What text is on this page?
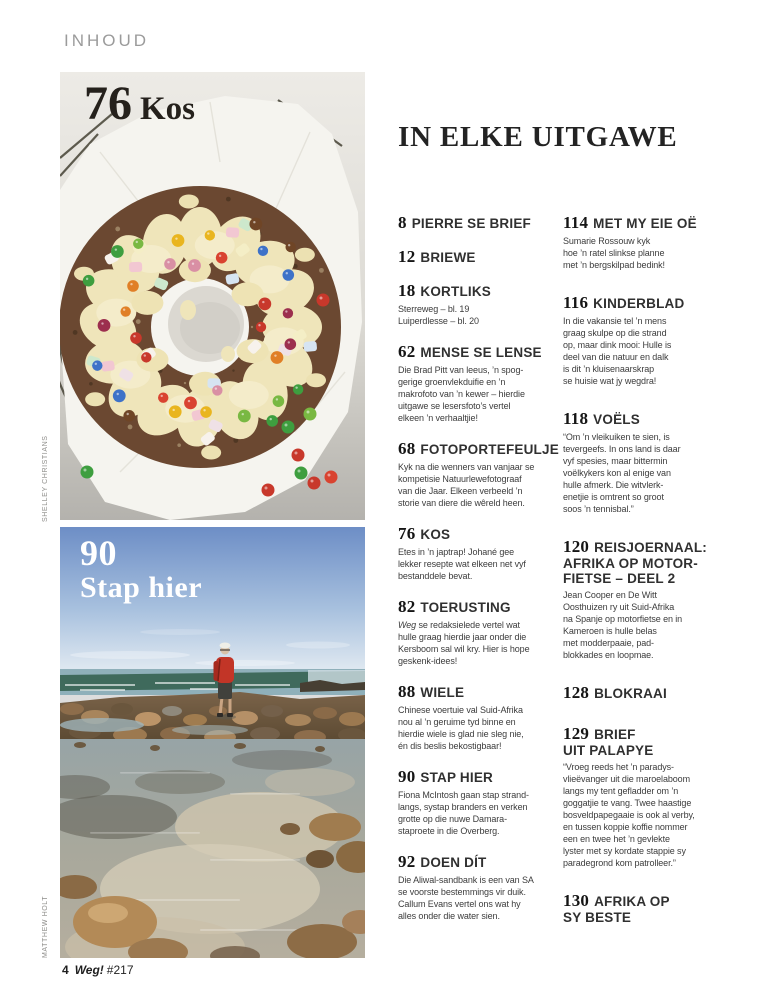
INHOUD
76 Kos
SHELLEY CHRISTIANS
90
Stap hier
MATTHEW HOLT
IN ELKE UITGAWE
8 PIERRE SE BRIEF
12 BRIEWE
18 KORTLIKS
Sterreweg – bl. 19
Luiperdlesse – bl. 20
62 MENSE SE LENSE
Die Brad Pitt van leeus, ’n spog-
gerige groenvlekduifie en ’n
makrofoto van ’n kewer – hierdie
uitgawe se lesersfoto’s vertel
elkeen ’n verhaaltjie!
68 FOTOPORTEFEULJE
Kyk na die wenners van vanjaar se
kompetisie Natuurlewefotograaf
van die Jaar. Elkeen verbeeld ’n
storie van diere die wêreld heen.
76 KOS
Etes in ’n japtrap! Johané gee
lekker resepte wat elkeen net vyf
bestanddele bevat.
82 TOERUSTING
Weg se redaksielede vertel wat
hulle graag hierdie jaar onder die
Kersboom sal wil kry. Hier is hope
geskenk-idees!
88 WIELE
Chinese voertuie val Suid-Afrika
nou al ’n geruime tyd binne en
hierdie wiele is glad nie sleg nie,
én dis beslis bekostigbaar!
90 STAP HIER
Fiona McIntosh gaan stap strand-
langs, systap branders en verken
grotte op die nuwe Damara-
staproete in die Overberg.
92 DOEN DÍT
Die Aliwal-sandbank is een van SA
se voorste bestemmings vir duik.
Callum Evans vertel ons wat hy
alles onder die water sien.
114 MET MY EIE OË
Sumarie Rossouw kyk
hoe ’n ratel slinkse planne
met ’n bergskilpad bedink!
116 KINDERBLAD
In die vakansie tel ’n mens
graag skulpe op die strand
op, maar dink mooi: Hulle is
deel van die natuur en dalk
is dit ’n kluisenaarskrap
se huisie wat jy wegdra!
118 VOËLS
“Om ’n vleikuiken te sien, is
tevergeefs. In ons land is daar
vyf spesies, maar bittermin
voëlkykers kon al enige van
hulle afmerk. Die witvlerk-
enetjie is omtrent so groot
soos ’n tennisbal.”
120 REISJOERNAAL:
AFRIKA OP MOTOR-
FIETSE – DEEL 2
Jean Cooper en De Witt
Oosthuizen ry uit Suid-Afrika
na Spanje op motorfietse en in
Kameroen is hulle belas
met modderpaaie, pad-
blokkades en loopmae.
128 BLOKRAAI
129 BRIEF
UIT PALAPYE
“Vroeg reeds het ’n paradys-
vlieëvanger uit die maroelaboom
langs my tent gefladder om ’n
goggatjie te vang. Twee haastige
bosveldpapegaaie is ook al verby,
en tussen koppie koffie nommer
een en twee het ’n gevlekte
lyster met sy kordate stappie sy
paradegrond kom patrolleer.”
130 AFRIKA OP
SY BESTE
4 Weg! #217
